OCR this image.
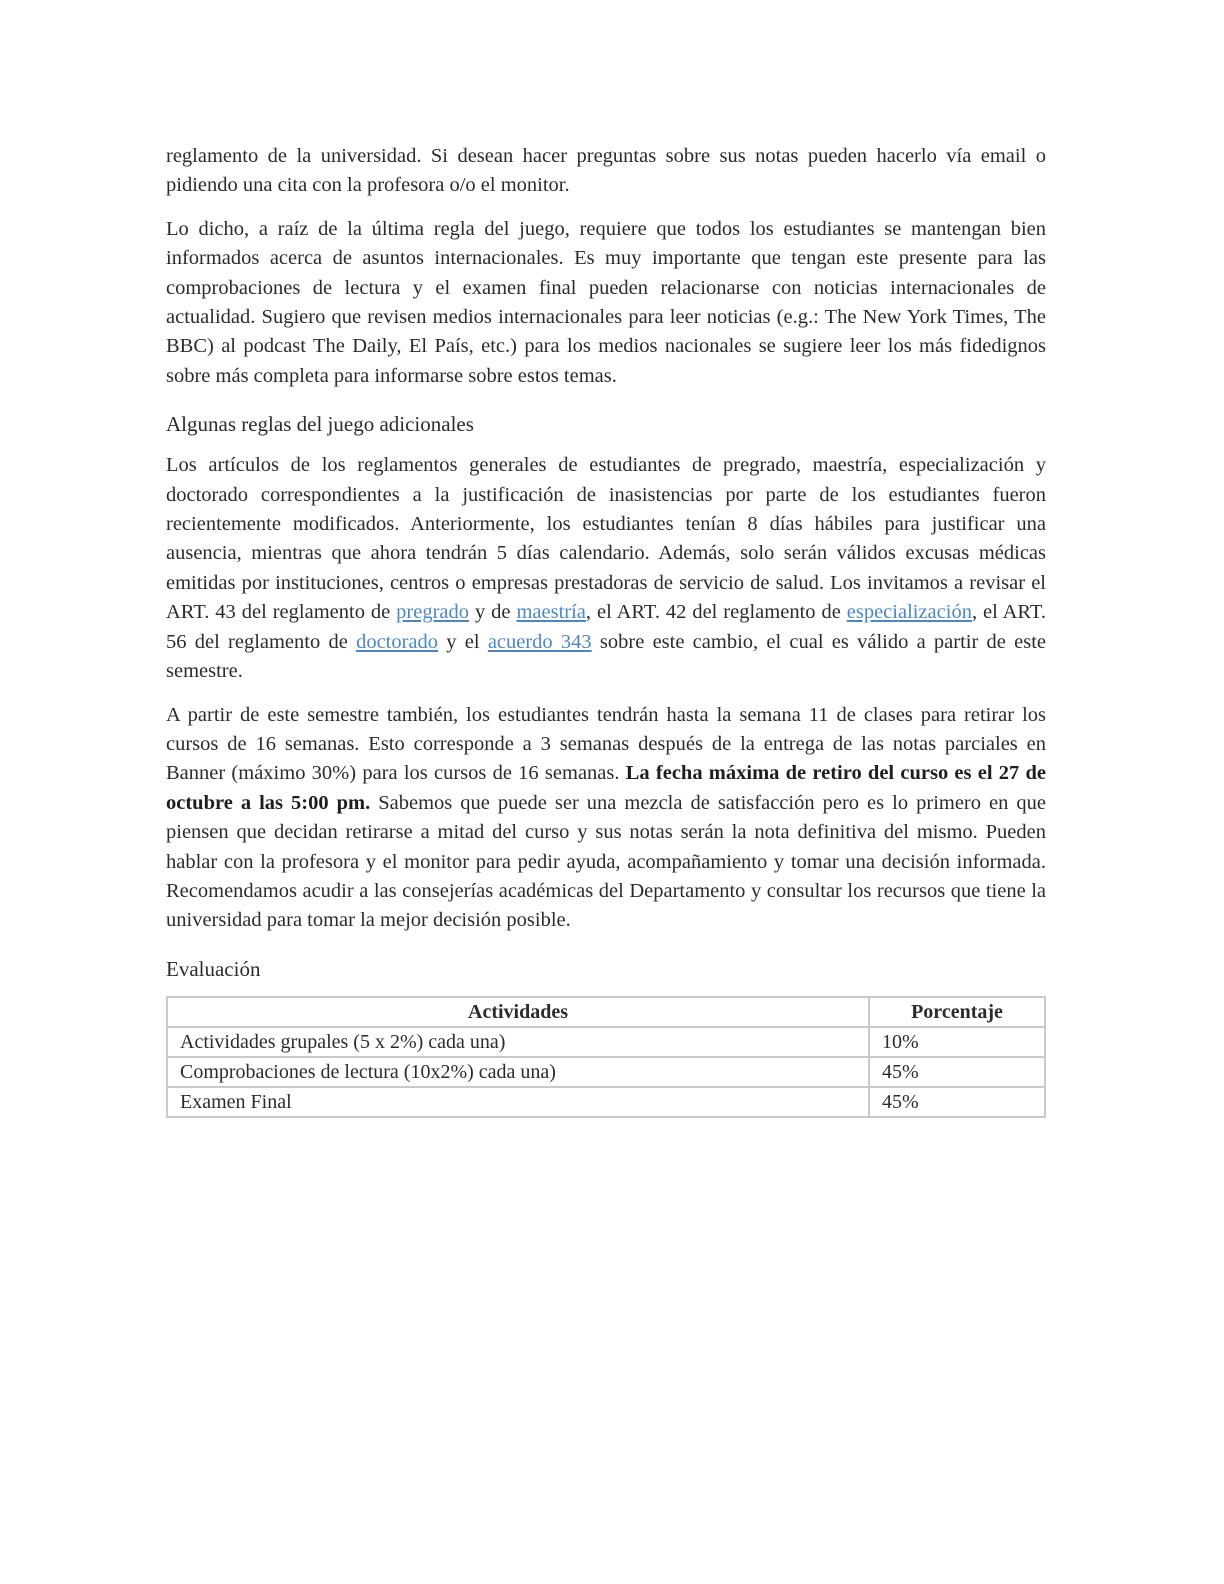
reglamento de la universidad. Si desean hacer preguntas sobre sus notas pueden hacerlo vía email o pidiendo una cita con la profesora o/o el monitor.

Lo dicho, a raíz de la última regla del juego, requiere que todos los estudiantes se mantengan bien informados acerca de asuntos internacionales. Es muy importante que tengan este presente para las comprobaciones de lectura y el examen final pueden relacionarse con noticias internacionales de actualidad. Sugiero que revisen medios internacionales para leer noticias (e.g.: The New York Times, The BBC) al podcast The Daily, El País, etc.) para los medios nacionales se sugiere leer los más fidedignos sobre más completa para informarse sobre estos temas.

Algunas reglas del juego adicionales

Los artículos de los reglamentos generales de estudiantes de pregrado, maestría, especialización y doctorado correspondientes a la justificación de inasistencias por parte de los estudiantes fueron recientemente modificados. Anteriormente, los estudiantes tenían 8 días hábiles para justificar una ausencia, mientras que ahora tendrán 5 días calendario. Además, solo serán válidos excusas médicas emitidas por instituciones, centros o empresas prestadoras de servicio de salud. Los invitamos a revisar el ART. 43 del reglamento de pregrado y de maestría, el ART. 42 del reglamento de especialización, el ART. 56 del reglamento de doctorado y el acuerdo 343 sobre este cambio, el cual es válido a partir de este semestre.

A partir de este semestre también, los estudiantes tendrán hasta la semana 11 de clases para retirar los cursos de 16 semanas. Esto corresponde a 3 semanas después de la entrega de las notas parciales en Banner (máximo 30%) para los cursos de 16 semanas. La fecha máxima de retiro del curso es el 27 de octubre a las 5:00 pm. Sabemos que puede ser una mezcla de satisfacción pero es lo primero en que piensen que decidan retirarse a mitad del curso y sus notas serán la nota definitiva del mismo. Pueden hablar con la profesora y el monitor para pedir ayuda, acompañamiento y tomar una decisión informada. Recomendamos acudir a las consejerías académicas del Departamento y consultar los recursos que tiene la universidad para tomar la mejor decisión posible.

Evaluación
Actividades	Porcentaje
Actividades grupales (5 x 2%) cada una)	10%
Comprobaciones de lectura (10x2%) cada una)	45%
Examen Final	45%
